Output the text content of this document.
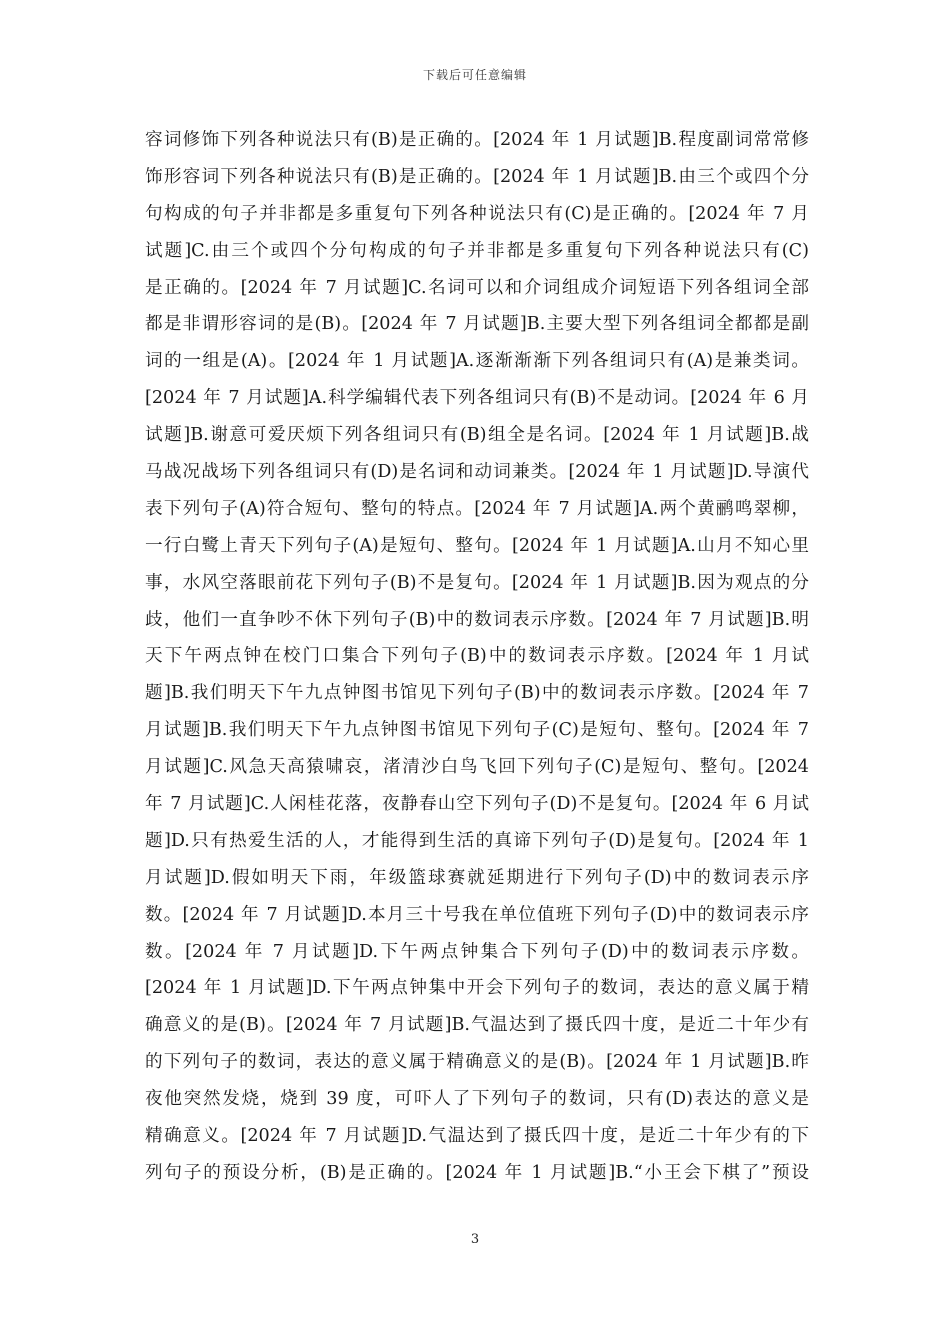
下载后可任意编辑
容词修饰下列各种说法只有(B)是正确的。[2024 年 1 月试题]B.程度副词常常修
饰形容词下列各种说法只有(B)是正确的。[2024 年 1 月试题]B.由三个或四个分
句构成的句子并非都是多重复句下列各种说法只有(C)是正确的。[2024 年 7 月
试题]C.由三个或四个分句构成的句子并非都是多重复句下列各种说法只有(C)
是正确的。[2024 年 7 月试题]C.名词可以和介词组成介词短语下列各组词全部
都是非谓形容词的是(B)。[2024 年 7 月试题]B.主要大型下列各组词全都都是副
词的一组是(A)。[2024 年 1 月试题]A.逐渐渐渐下列各组词只有(A)是兼类词。
[2024 年 7 月试题]A.科学编辑代表下列各组词只有(B)不是动词。[2024 年 6 月
试题]B.谢意可爱厌烦下列各组词只有(B)组全是名词。[2024 年 1 月试题]B.战
马战况战场下列各组词只有(D)是名词和动词兼类。[2024 年 1 月试题]D.导演代
表下列句子(A)符合短句、整句的特点。[2024 年 7 月试题]A.两个黄鹂鸣翠柳，
一行白鹭上青天下列句子(A)是短句、整句。[2024 年 1 月试题]A.山月不知心里
事，水风空落眼前花下列句子(B)不是复句。[2024 年 1 月试题]B.因为观点的分
歧，他们一直争吵不休下列句子(B)中的数词表示序数。[2024 年 7 月试题]B.明
天下午两点钟在校门口集合下列句子(B)中的数词表示序数。[2024 年 1 月试
题]B.我们明天下午九点钟图书馆见下列句子(B)中的数词表示序数。[2024 年 7
月试题]B.我们明天下午九点钟图书馆见下列句子(C)是短句、整句。[2024 年 7
月试题]C.风急天高猿啸哀，渚清沙白鸟飞回下列句子(C)是短句、整句。[2024
年 7 月试题]C.人闲桂花落，夜静春山空下列句子(D)不是复句。[2024 年 6 月试
题]D.只有热爱生活的人，才能得到生活的真谛下列句子(D)是复句。[2024 年 1
月试题]D.假如明天下雨，年级篮球赛就延期进行下列句子(D)中的数词表示序
数。[2024 年 7 月试题]D.本月三十号我在单位值班下列句子(D)中的数词表示序
数。[2024 年 7 月试题]D.下午两点钟集合下列句子(D)中的数词表示序数。
[2024 年 1 月试题]D.下午两点钟集中开会下列句子的数词，表达的意义属于精
确意义的是(B)。[2024 年 7 月试题]B.气温达到了摄氏四十度，是近二十年少有
的下列句子的数词，表达的意义属于精确意义的是(B)。[2024 年 1 月试题]B.昨
夜他突然发烧，烧到 39 度，可吓人了下列句子的数词，只有(D)表达的意义是
精确意义。[2024 年 7 月试题]D.气温达到了摄氏四十度，是近二十年少有的下
列句子的预设分析，(B)是正确的。[2024 年 1 月试题]B.“小王会下棋了”预设
3
